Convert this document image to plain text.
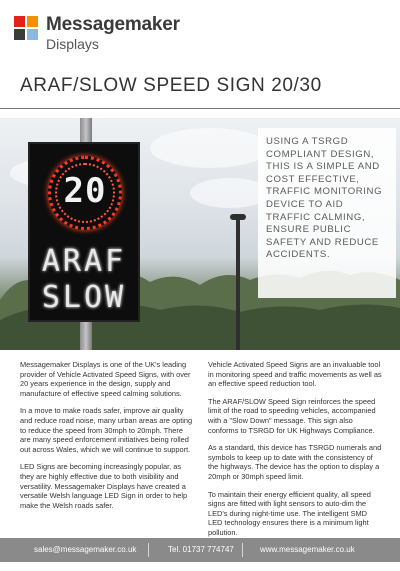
Messagemaker
Displays
ARAF/SLOW SPEED SIGN 20/30
20
ARAF
SLOW

USING A TSRGD COMPLIANT DESIGN, THIS IS A SIMPLE AND COST EFFECTIVE, TRAFFIC MONITORING DEVICE TO AID TRAFFIC CALMING, ENSURE PUBLIC SAFETY AND REDUCE ACCIDENTS.

Messagemaker Displays is one of the UK's leading provider of Vehicle Activated Speed Signs, with over 20 years experience in the design, supply and manufacture of effective speed calming solutions.

In a move to make roads safer, improve air quality and reduce road noise, many urban areas are opting to reduce the speed from 30mph to 20mph. There are many speed enforcement initiatives being rolled out across Wales, which we will continue to support.

LED Signs are becoming increasingly popular, as they are highly effective due to both visibility and versatility. Messagemaker Displays have created a versatile Welsh language LED Sign in order to help make the Welsh roads safer.

Vehicle Activated Speed Signs are an invaluable tool in monitoring speed and traffic movements as well as an effective speed reduction tool.

The ARAF/SLOW Speed Sign reinforces the speed limit of the road to speeding vehicles, accompanied with a "Slow Down" message. This sign also conforms to TSRGD for UK Highways Compliance.

As a standard, this device has TSRGD numerals and symbols to keep up to date with the consistency of the highways. The device has the option to display a 20mph or 30mph speed limit.

To maintain their energy efficient quality, all speed signs are fitted with light sensors to auto-dim the LED's during night-time use. The intelligent SMD LED technology ensures there is a minimum light pollution.

sales@messagemaker.co.uk	Tel. 01737 774747	www.messagemaker.co.uk
